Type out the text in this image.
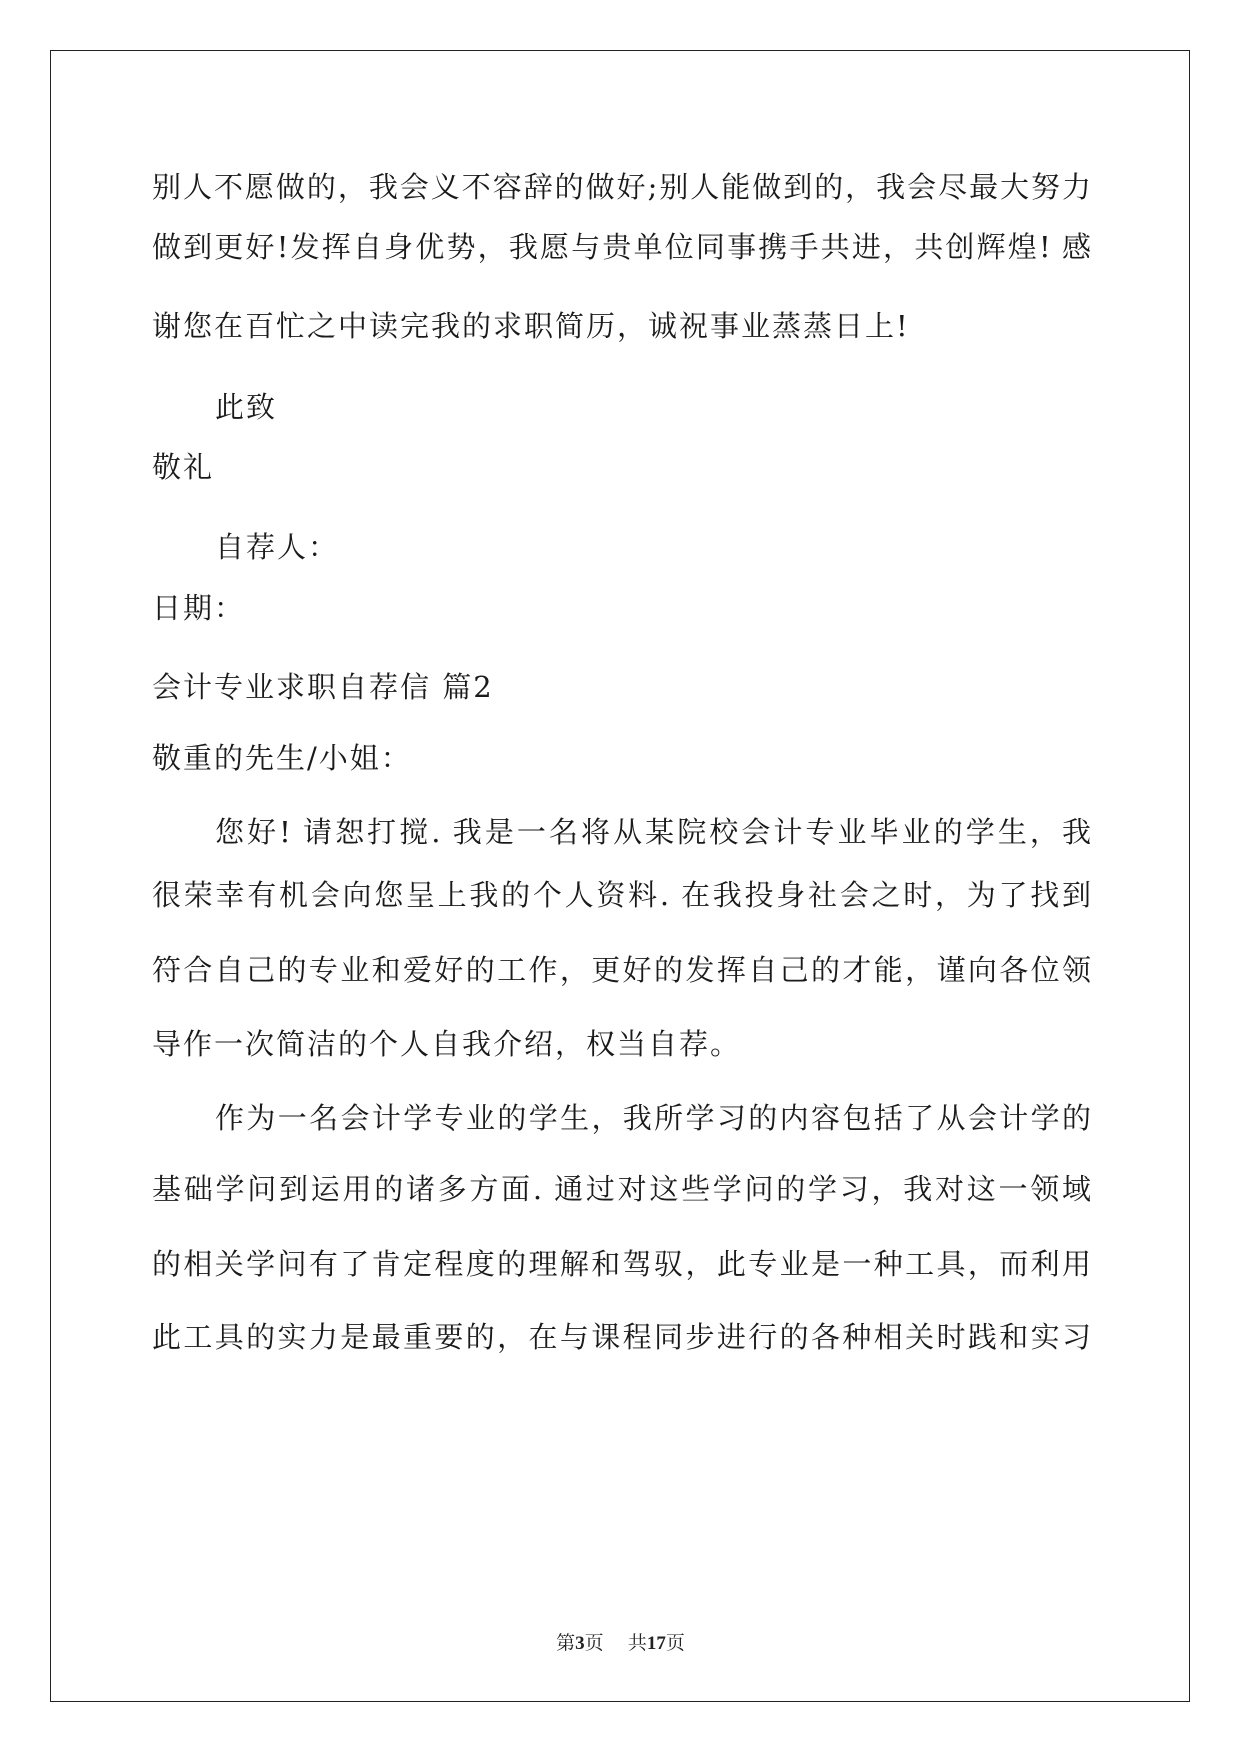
别人不愿做的，我会义不容辞的做好;别人能做到的，我会尽最大努力
做到更好!发挥自身优势，我愿与贵单位同事携手共进，共创辉煌! 感
谢您在百忙之中读完我的求职简历，诚祝事业蒸蒸日上!
此致
敬礼
自荐人：
日期：
会计专业求职自荐信 篇2
敬重的先生/小姐：
您好! 请恕打搅. 我是一名将从某院校会计专业毕业的学生，我
很荣幸有机会向您呈上我的个人资料. 在我投身社会之时，为了找到
符合自己的专业和爱好的工作，更好的发挥自己的才能，谨向各位领
导作一次简洁的个人自我介绍，权当自荐。
作为一名会计学专业的学生，我所学习的内容包括了从会计学的
基础学问到运用的诸多方面. 通过对这些学问的学习，我对这一领域
的相关学问有了肯定程度的理解和驾驭，此专业是一种工具，而利用
此工具的实力是最重要的，在与课程同步进行的各种相关时践和实习
第3页 共17页
